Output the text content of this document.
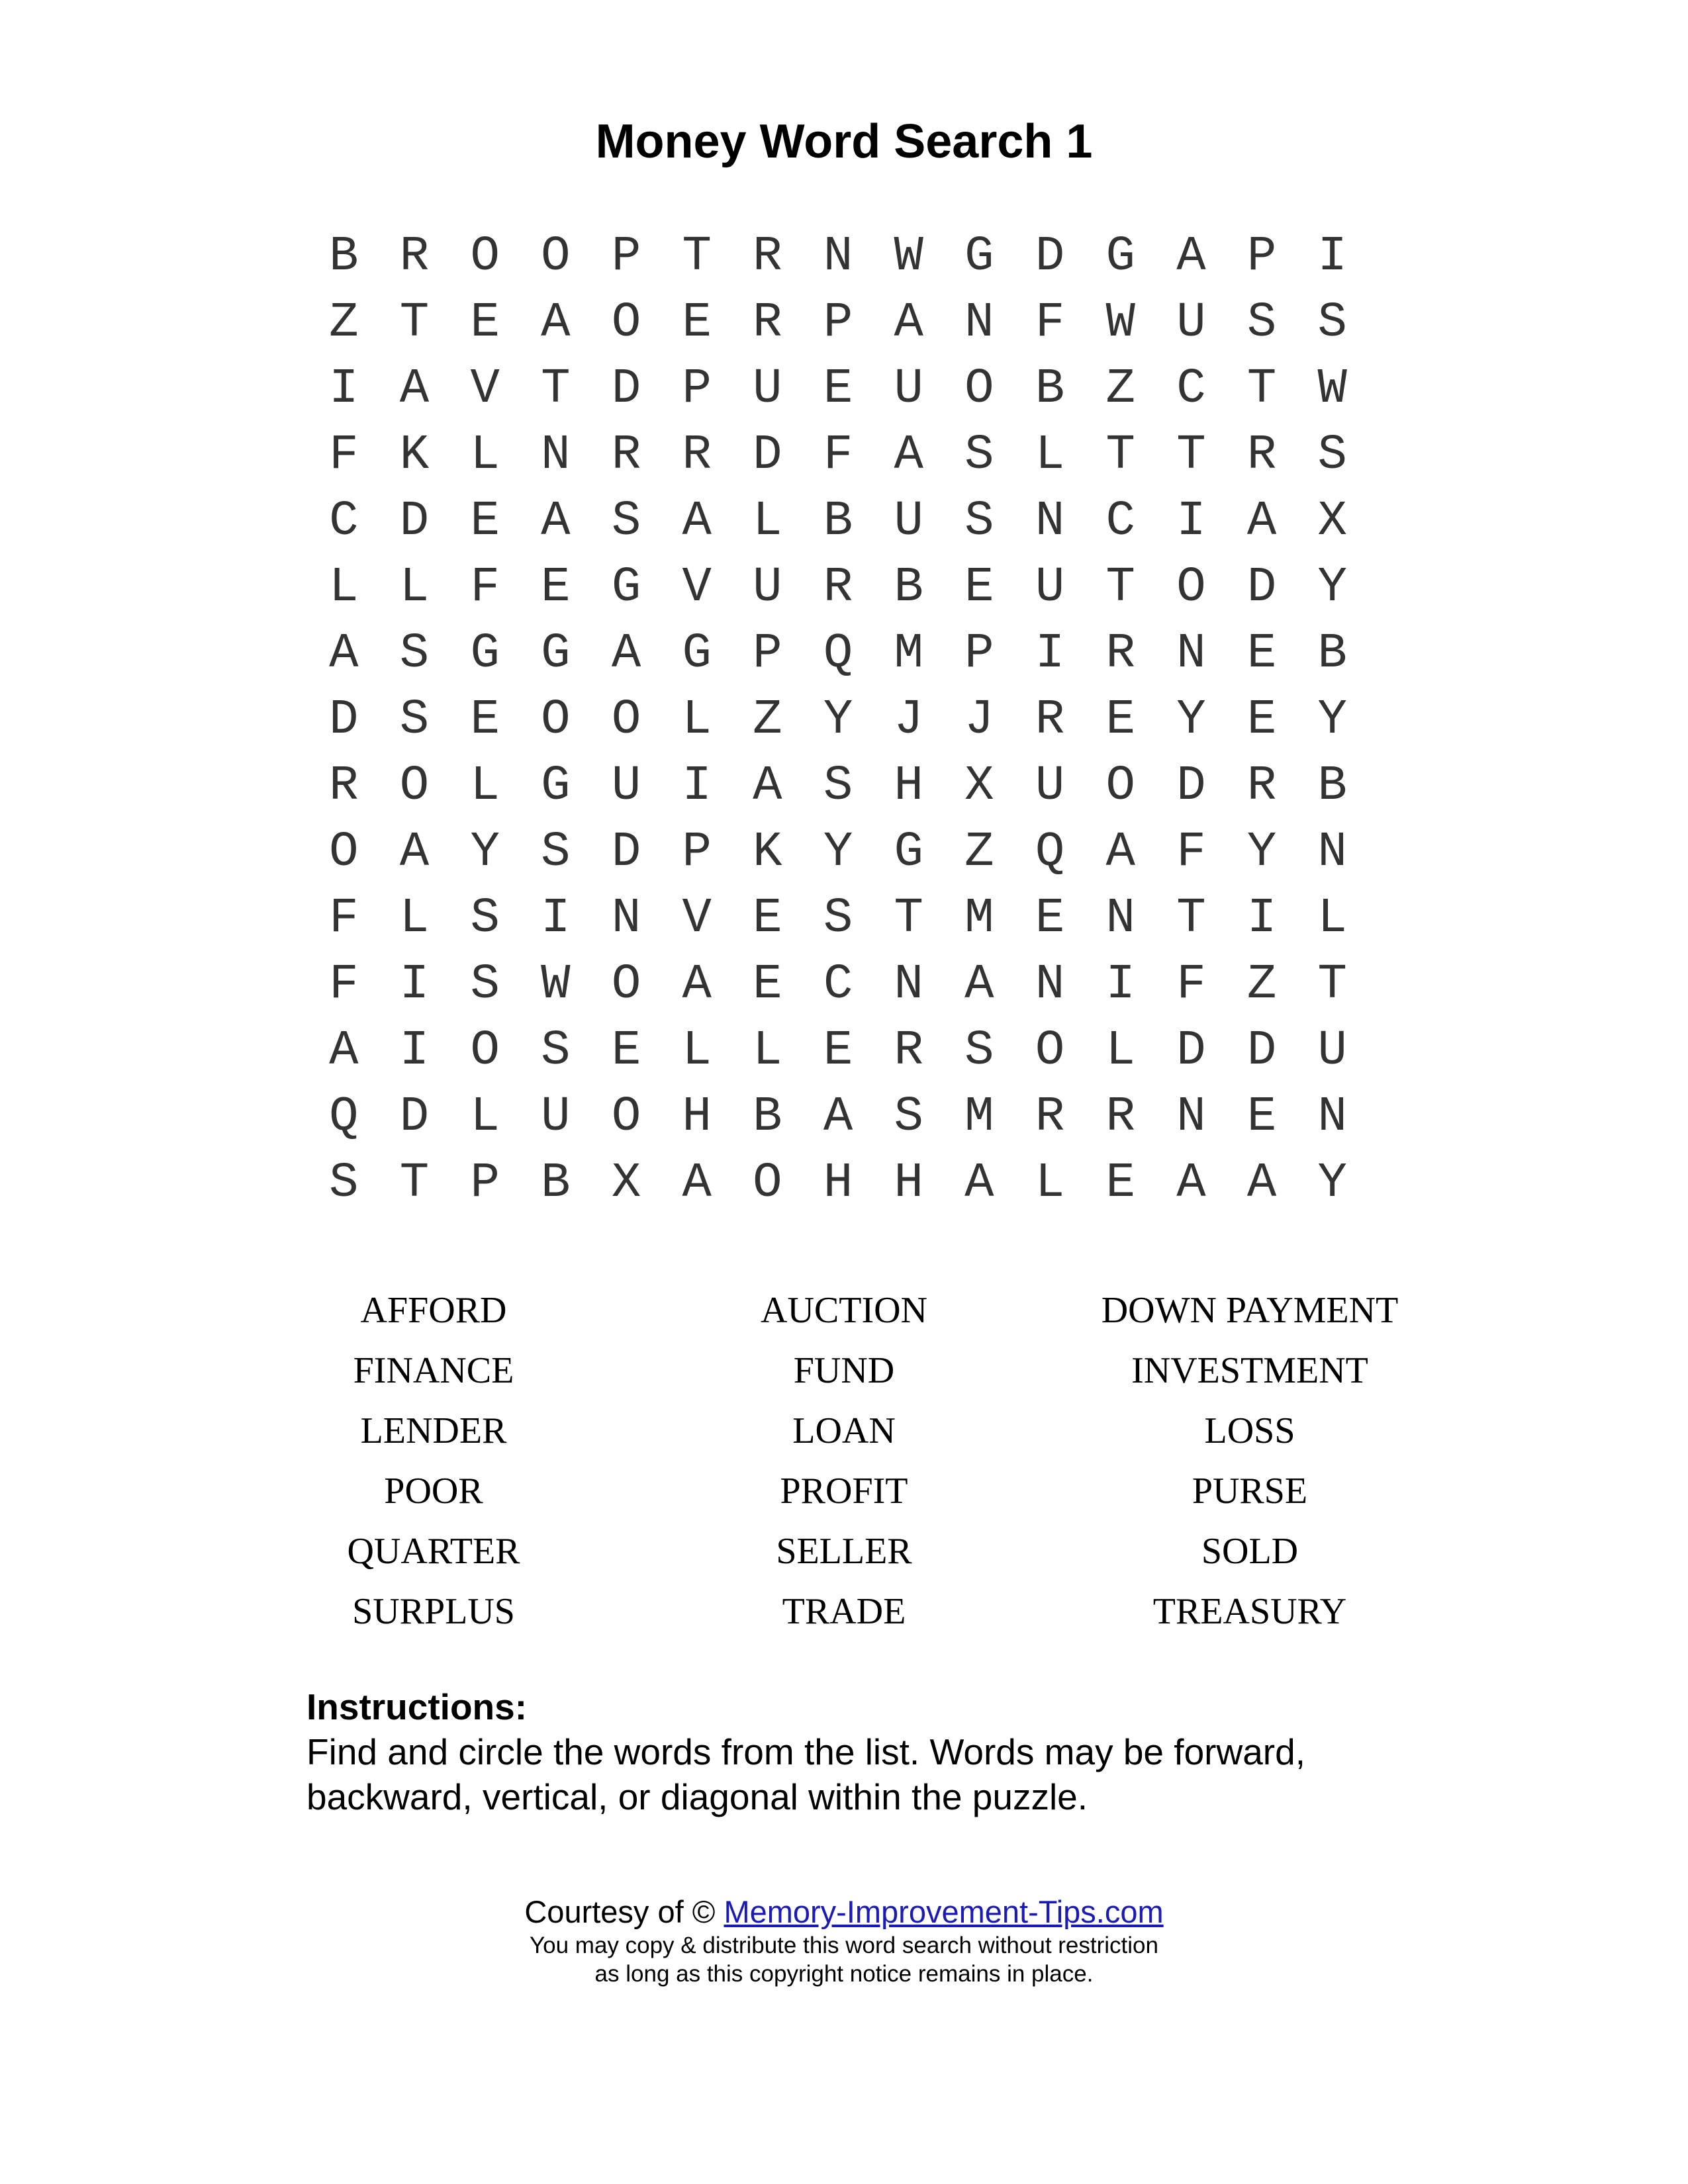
Money Word Search 1
B R O O P T R N W G D G A P I
Z T E A O E R P A N F W U S S
I A V T D P U E U O B Z C T W
F K L N R R D F A S L T T R S
C D E A S A L B U S N C I A X
L L F E G V U R B E U T O D Y
A S G G A G P Q M P I R N E B
D S E O O L Z Y J J R E Y E Y
R O L G U I A S H X U O D R B
O A Y S D P K Y G Z Q A F Y N
F L S I N V E S T M E N T I L
F I S W O A E C N A N I F Z T
A I O S E L L E R S O L D D U
Q D L U O H B A S M R R N E N
S T P B X A O H H A L E A A Y
AFFORD	AUCTION	DOWN PAYMENT
FINANCE	FUND	INVESTMENT
LENDER	LOAN	LOSS
POOR	PROFIT	PURSE
QUARTER	SELLER	SOLD
SURPLUS	TRADE	TREASURY
Instructions:
Find and circle the words from the list. Words may be forward,
backward, vertical, or diagonal within the puzzle.
Courtesy of © Memory-Improvement-Tips.com
You may copy & distribute this word search without restriction
as long as this copyright notice remains in place.
